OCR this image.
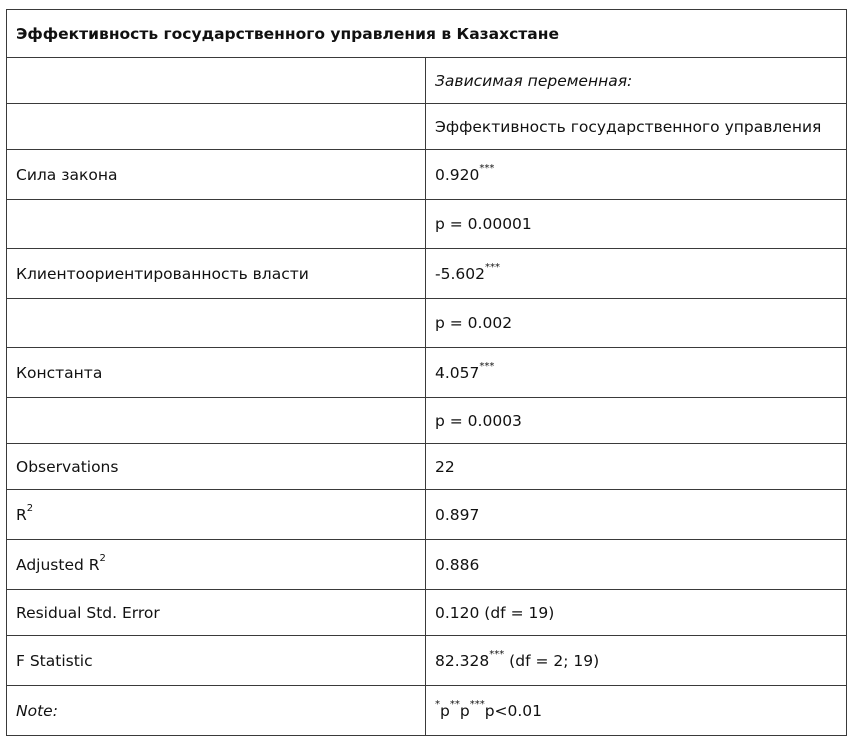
Эффективность государственного управления в Казахстане	
	Зависимая переменная:
	Эффективность государственного управления
Сила закона	0.920***
	p = 0.00001
Клиентоориентированность власти	-5.602***
	p = 0.002
Константа	4.057***
	p = 0.0003
Observations	22
$R^2$	0.897
Adjusted $R^2$	0.886
Residual Std. Error	0.120 (df = 19)
F Statistic	82.328*** (df = 2; 19)
Note:	*p**p***p<0.01
